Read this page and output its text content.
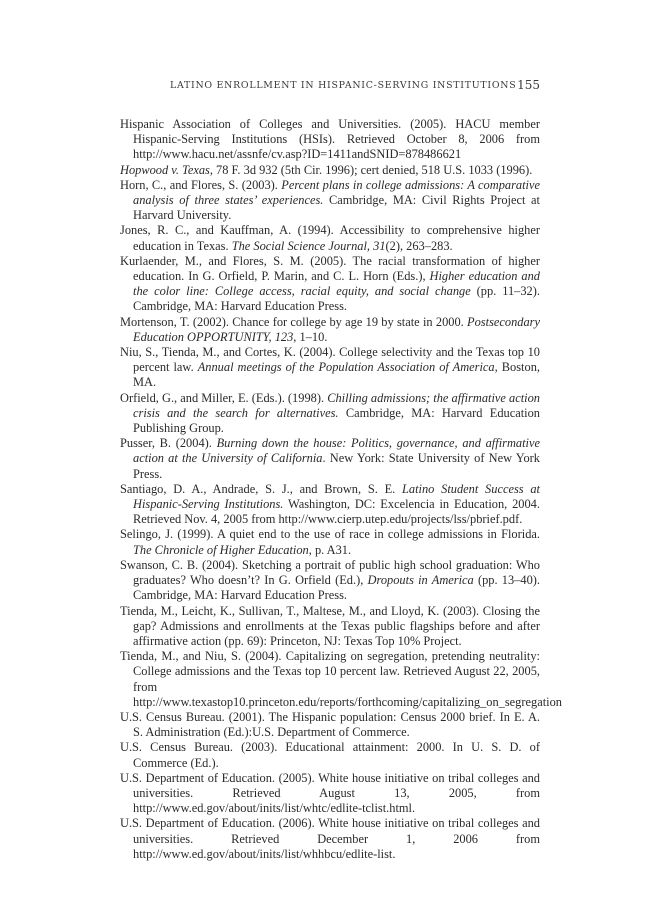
LATINO ENROLLMENT IN HISPANIC-SERVING INSTITUTIONS 155

Hispanic Association of Colleges and Universities. (2005). HACU member Hispanic-Serving Institutions (HSIs). Retrieved October 8, 2006 from http://www.hacu.net/assnfe/cv.asp?ID=1411andSNID=878486621

Hopwood v. Texas, 78 F. 3d 932 (5th Cir. 1996); cert denied, 518 U.S. 1033 (1996).

Horn, C., and Flores, S. (2003). Percent plans in college admissions: A comparative analysis of three states’ experiences. Cambridge, MA: Civil Rights Project at Harvard University.

Jones, R. C., and Kauffman, A. (1994). Accessibility to comprehensive higher education in Texas. The Social Science Journal, 31(2), 263–283.

Kurlaender, M., and Flores, S. M. (2005). The racial transformation of higher education. In G. Orfield, P. Marin, and C. L. Horn (Eds.), Higher education and the color line: College access, racial equity, and social change (pp. 11–32). Cambridge, MA: Harvard Education Press.

Mortenson, T. (2002). Chance for college by age 19 by state in 2000. Postsecondary Education OPPORTUNITY, 123, 1–10.

Niu, S., Tienda, M., and Cortes, K. (2004). College selectivity and the Texas top 10 percent law. Annual meetings of the Population Association of America, Boston, MA.

Orfield, G., and Miller, E. (Eds.). (1998). Chilling admissions; the affirmative action crisis and the search for alternatives. Cambridge, MA: Harvard Education Publishing Group.

Pusser, B. (2004). Burning down the house: Politics, governance, and affirmative action at the University of California. New York: State University of New York Press.

Santiago, D. A., Andrade, S. J., and Brown, S. E. Latino Student Success at Hispanic-Serving Institutions. Washington, DC: Excelencia in Education, 2004. Retrieved Nov. 4, 2005 from http://www.cierp.utep.edu/projects/lss/pbrief.pdf.

Selingo, J. (1999). A quiet end to the use of race in college admissions in Florida. The Chronicle of Higher Education, p. A31.

Swanson, C. B. (2004). Sketching a portrait of public high school graduation: Who graduates? Who doesn’t? In G. Orfield (Ed.), Dropouts in America (pp. 13–40). Cambridge, MA: Harvard Education Press.

Tienda, M., Leicht, K., Sullivan, T., Maltese, M., and Lloyd, K. (2003). Closing the gap? Admissions and enrollments at the Texas public flagships before and after affirmative action (pp. 69): Princeton, NJ: Texas Top 10% Project.

Tienda, M., and Niu, S. (2004). Capitalizing on segregation, pretending neutrality: College admissions and the Texas top 10 percent law. Retrieved August 22, 2005, from http://www.texastop10.princeton.edu/reports/forthcoming/capitalizing_on_segregation

U.S. Census Bureau. (2001). The Hispanic population: Census 2000 brief. In E. A. S. Administration (Ed.):U.S. Department of Commerce.

U.S. Census Bureau. (2003). Educational attainment: 2000. In U. S. D. of Commerce (Ed.).

U.S. Department of Education. (2005). White house initiative on tribal colleges and universities. Retrieved August 13, 2005, from http://www.ed.gov/about/inits/list/whtc/edlite-tclist.html.

U.S. Department of Education. (2006). White house initiative on tribal colleges and universities. Retrieved December 1, 2006 from http://www.ed.gov/about/inits/list/whhbcu/edlite-list.
